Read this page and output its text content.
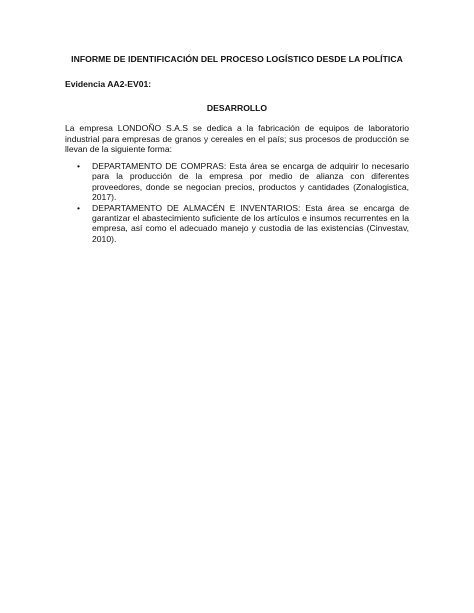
INFORME DE IDENTIFICACIÓN DEL PROCESO LOGÍSTICO DESDE LA POLÍTICA
Evidencia AA2-EV01:
DESARROLLO

La empresa LONDOÑO S.A.S se dedica a la fabricación de equipos de laboratorio industrial para empresas de granos y cereales en el país; sus procesos de producción se llevan de la siguiente forma:

• DEPARTAMENTO DE COMPRAS: Esta área se encarga de adquirir lo necesario para la producción de la empresa por medio de alianza con diferentes proveedores, donde se negocian precios, productos y cantidades (Zonalogistica, 2017).
• DEPARTAMENTO DE ALMACÉN E INVENTARIOS: Esta área se encarga de garantizar el abastecimiento suficiente de los artículos e insumos recurrentes en la empresa, así como el adecuado manejo y custodia de las existencias (Cinvestav, 2010).
